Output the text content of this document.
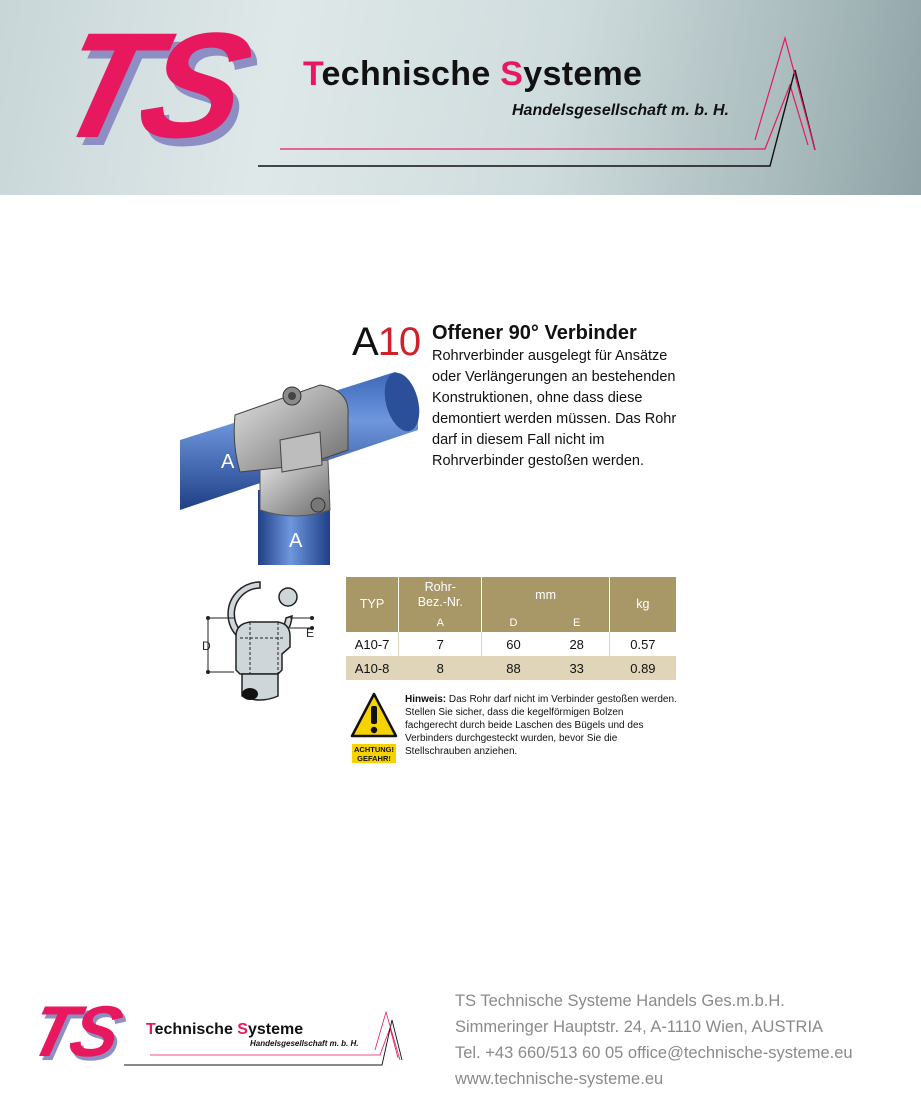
TS Technische Systeme
Handelsgesellschaft m. b. H.
A
A
A10 Offener 90° Verbinder
Rohrverbinder ausgelegt für Ansätze oder Verlängerungen an bestehenden Konstruktionen, ohne dass diese demontiert werden müssen. Das Rohr darf in diesem Fall nicht im Rohrverbinder gestoßen werden.
D
E
TYP	Rohr-Bez.-Nr.	mm		kg
	A	D	E	
A10-7	7	60	28	0.57
A10-8	8	88	33	0.89
ACHTUNG!
GEFAHR!
Hinweis: Das Rohr darf nicht im Verbinder gestoßen werden. Stellen Sie sicher, dass die kegelförmigen Bolzen fachgerecht durch beide Laschen des Bügels und des Verbinders durchgesteckt wurden, bevor Sie die Stellschrauben anziehen.
TS Technische Systeme
Handelsgesellschaft m. b. H.
TS Technische Systeme Handels Ges.m.b.H.
Simmeringer Hauptstr. 24, A-1110 Wien, AUSTRIA
Tel. +43 660/513 60 05 office@technische-systeme.eu
www.technische-systeme.eu
